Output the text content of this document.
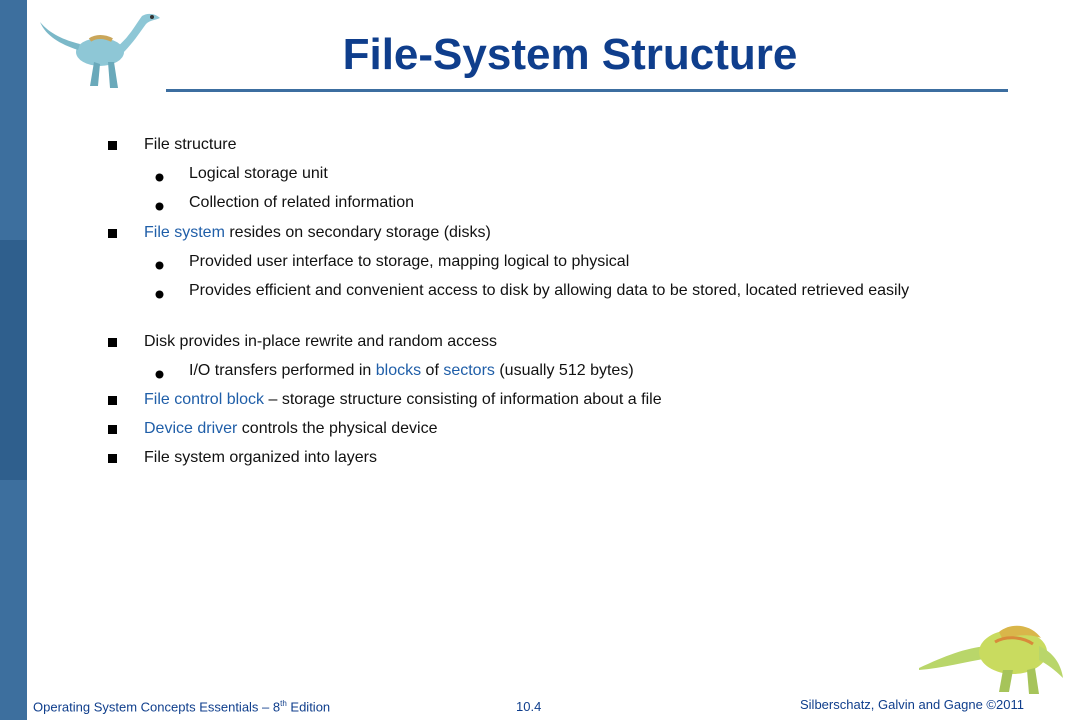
File-System Structure
File structure
Logical storage unit
Collection of related information
File system resides on secondary storage (disks)
Provided user interface to storage, mapping logical to physical
Provides efficient and convenient access to disk by allowing data to be stored, located retrieved easily
Disk provides in-place rewrite and random access
I/O transfers performed in blocks of sectors (usually 512 bytes)
File control block – storage structure consisting of information about a file
Device driver controls the physical device
File system organized into layers
Operating System Concepts Essentials – 8th Edition	10.4	Silberschatz, Galvin and Gagne ©2011
